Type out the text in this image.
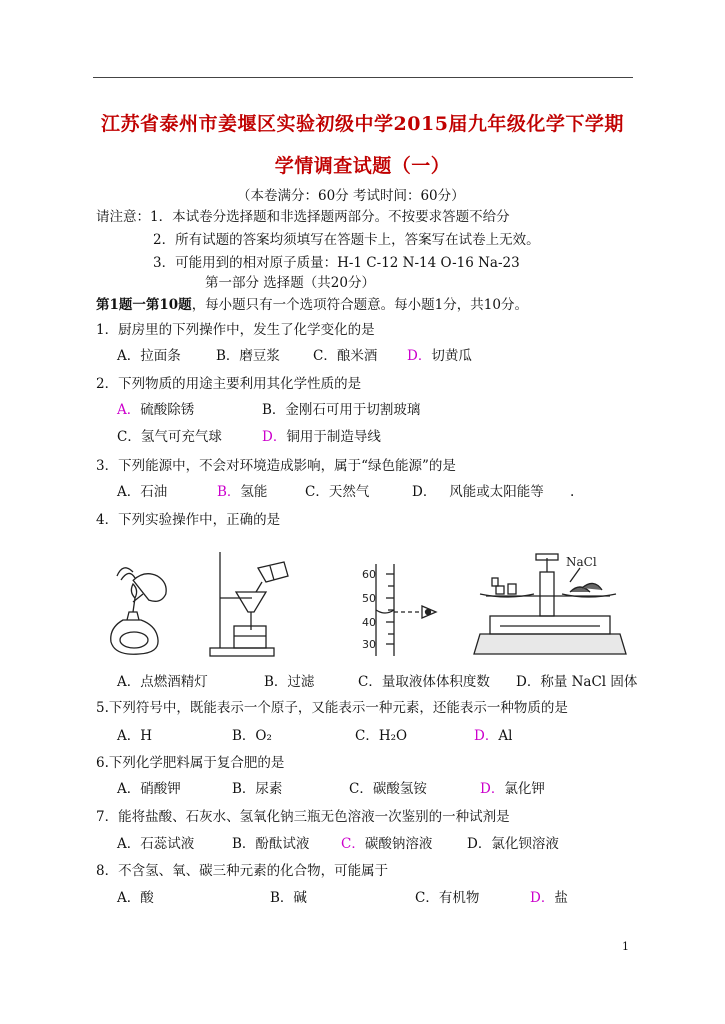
江苏省泰州市姜堰区实验初级中学2015届九年级化学下学期
学情调查试题（一）
（本卷满分：60分 考试时间：60分）
请注意： 1．本试卷分选择题和非选择题两部分。不按要求答题不给分
2．所有试题的答案均须填写在答题卡上，答案写在试卷上无效。
3．可能用到的相对原子质量：H-1 C-12 N-14 O-16 Na-23
第一部分 选择题（共20分）
第1题一第10题，每小题只有一个选项符合题意。每小题1分，共10分。
1．厨房里的下列操作中，发生了化学变化的是
A．拉面条	B．磨豆浆 C．酿米酒 D．切黄瓜
2．下列物质的用途主要利用其化学性质的是
A．硫酸除锈	B．金刚石可用于切割玻璃
C．氢气可充气球	D．铜用于制造导线
3．下列能源中，不会对环境造成影响，属于“绿色能源”的是
A．石油	B．氢能	C．天然气	D． 风能或太阳能等 .
4．下列实验操作中，正确的是
60
50
40
30
NaCl
A．点燃酒精灯	B．过滤	C．量取液体体积度数 D．称量 NaCl 固体
5.下列符号中，既能表示一个原子，又能表示一种元素，还能表示一种物质的是
A．H	B．O₂	C．H₂O	D．Al
6.下列化学肥料属于复合肥的是
A．硝酸钾	B．尿素	C．碳酸氢铵	D．氯化钾
7．能将盐酸、石灰水、氢氧化钠三瓶无色溶液一次鉴别的一种试剂是
A．石蕊试液	B．酚酞试液 C．碳酸钠溶液	D．氯化钡溶液
8．不含氢、氧、碳三种元素的化合物，可能属于
A．酸	B．碱	C．有机物	D．盐
1
